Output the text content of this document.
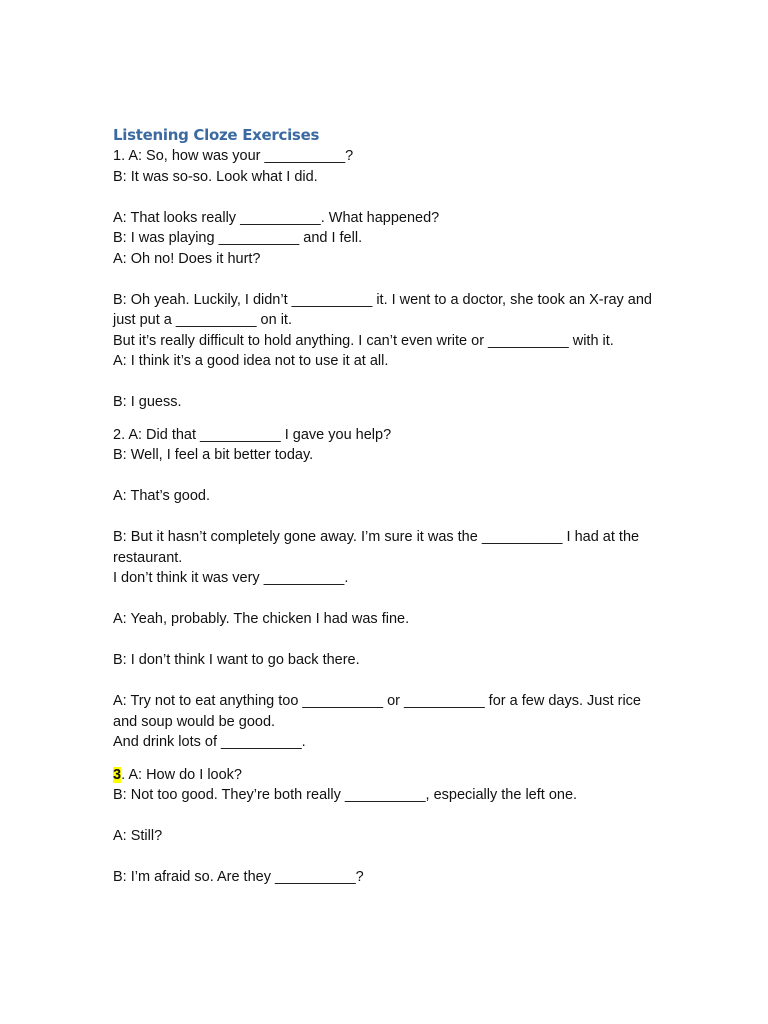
Listening Cloze Exercises

1. A: So, how was your __________?

B: It was so-so. Look what I did.

A: That looks really __________. What happened?

B: I was playing __________ and I fell.

A: Oh no! Does it hurt?

B: Oh yeah. Luckily, I didn’t __________ it. I went to a doctor, she took an X-ray and just put a __________ on it.

But it’s really difficult to hold anything. I can’t even write or __________ with it.

A: I think it’s a good idea not to use it at all.

B: I guess.

2. A: Did that __________ I gave you help?

B: Well, I feel a bit better today.

A: That’s good.

B: But it hasn’t completely gone away. I’m sure it was the __________ I had at the restaurant.

I don’t think it was very __________.

A: Yeah, probably. The chicken I had was fine.

B: I don’t think I want to go back there.

A: Try not to eat anything too __________ or __________ for a few days. Just rice and soup would be good.

And drink lots of __________.

3. A: How do I look?

B: Not too good. They’re both really __________, especially the left one.

A: Still?

B: I’m afraid so. Are they __________?
